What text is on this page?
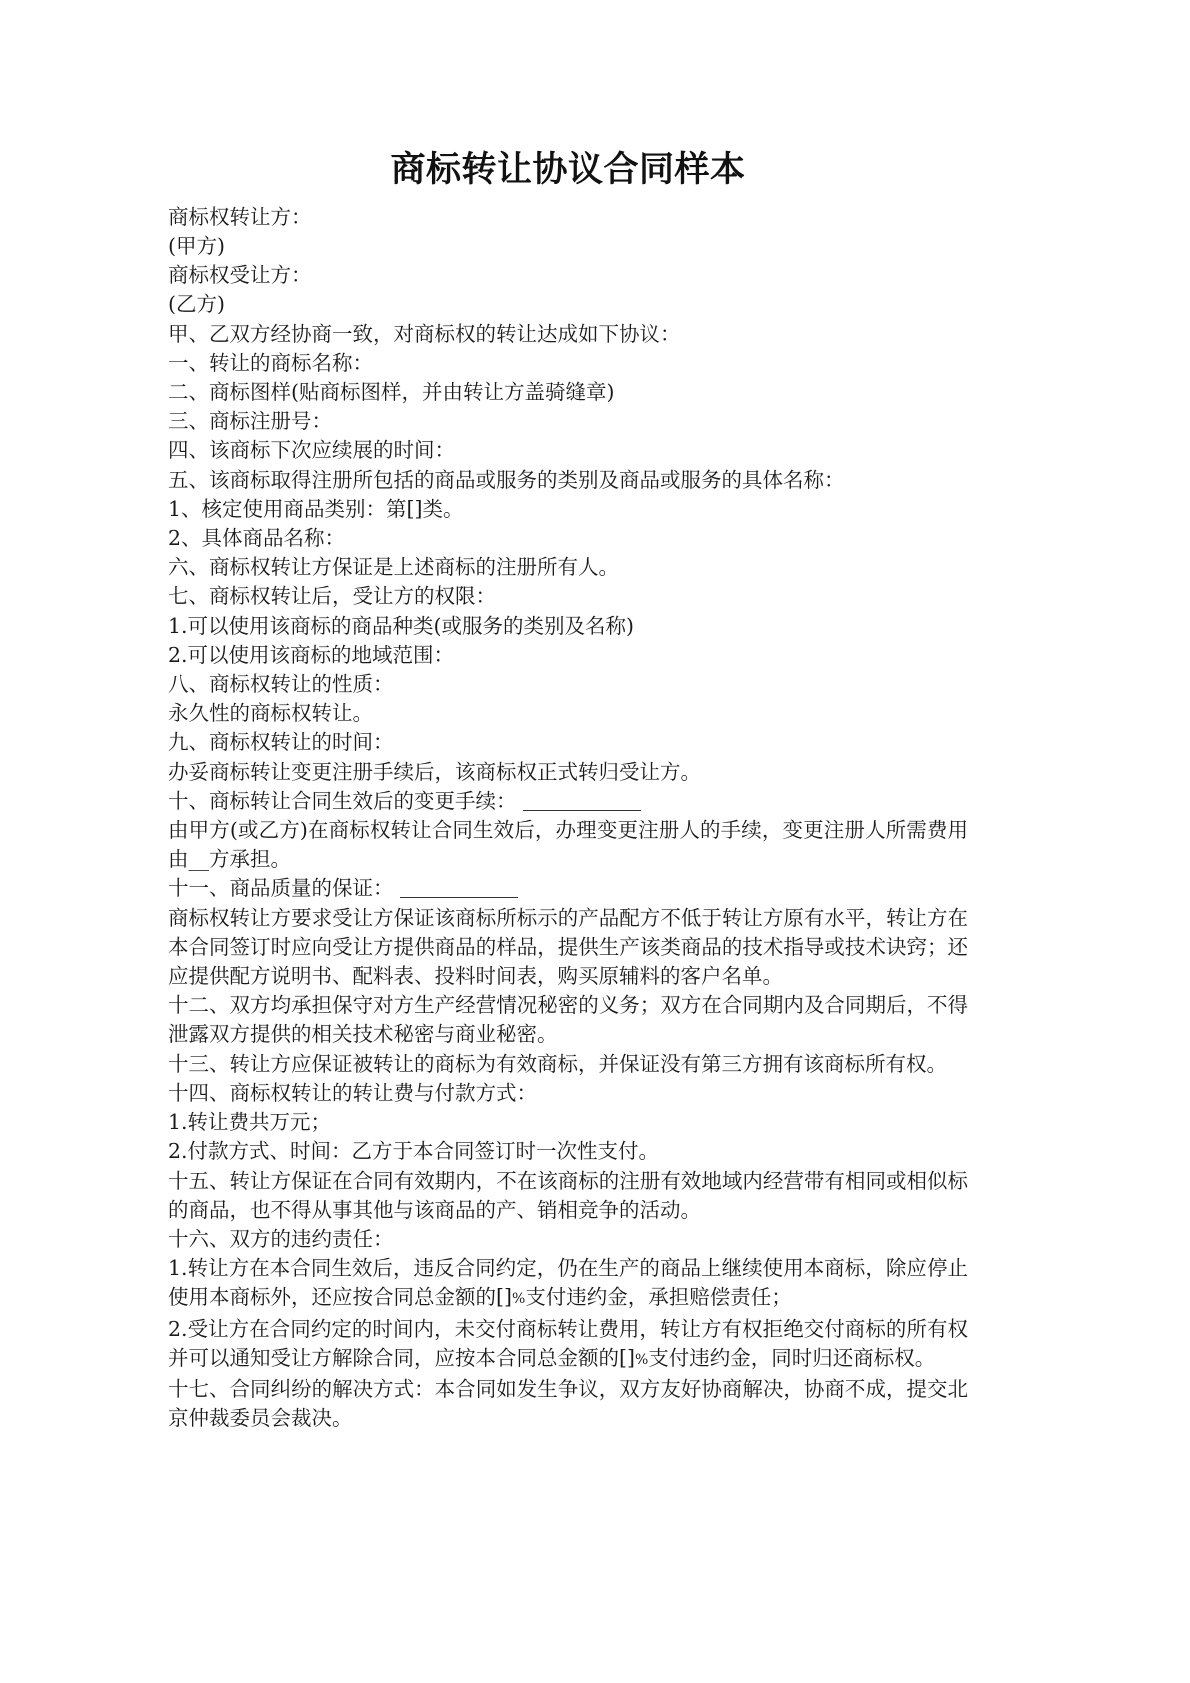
商标转让协议合同样本

商标权转让方：

(甲方)

商标权受让方：

(乙方)

甲、乙双方经协商一致，对商标权的转让达成如下协议：

一、转让的商标名称：

二、商标图样(贴商标图样，并由转让方盖骑缝章)

三、商标注册号：

四、该商标下次应续展的时间：

五、该商标取得注册所包括的商品或服务的类别及商品或服务的具体名称：

1、核定使用商品类别：第[]类。

2、具体商品名称：

六、商标权转让方保证是上述商标的注册所有人。

七、商标权转让后，受让方的权限：

1.可以使用该商标的商品种类(或服务的类别及名称)

2.可以使用该商标的地域范围：

八、商标权转让的性质：

永久性的商标权转让。

九、商标权转让的时间：

办妥商标转让变更注册手续后，该商标权正式转归受让方。

十、商标转让合同生效后的变更手续：

由甲方(或乙方)在商标权转让合同生效后，办理变更注册人的手续，变更注册人所需费用由__方承担。

十一、商品质量的保证：

商标权转让方要求受让方保证该商标所标示的产品配方不低于转让方原有水平，转让方在本合同签订时应向受让方提供商品的样品，提供生产该类商品的技术指导或技术诀窍；还应提供配方说明书、配料表、投料时间表，购买原辅料的客户名单。

十二、双方均承担保守对方生产经营情况秘密的义务；双方在合同期内及合同期后，不得泄露双方提供的相关技术秘密与商业秘密。

十三、转让方应保证被转让的商标为有效商标，并保证没有第三方拥有该商标所有权。

十四、商标权转让的转让费与付款方式：

1.转让费共万元；

2.付款方式、时间：乙方于本合同签订时一次性支付。

十五、转让方保证在合同有效期内，不在该商标的注册有效地域内经营带有相同或相似标的商品，也不得从事其他与该商品的产、销相竞争的活动。

十六、双方的违约责任：

1.转让方在本合同生效后，违反合同约定，仍在生产的商品上继续使用本商标，除应停止使用本商标外，还应按合同总金额的[]%支付违约金，承担赔偿责任；

2.受让方在合同约定的时间内，未交付商标转让费用，转让方有权拒绝交付商标的所有权并可以通知受让方解除合同，应按本合同总金额的[]%支付违约金，同时归还商标权。

十七、合同纠纷的解决方式：本合同如发生争议，双方友好协商解决，协商不成，提交北京仲裁委员会裁决。
